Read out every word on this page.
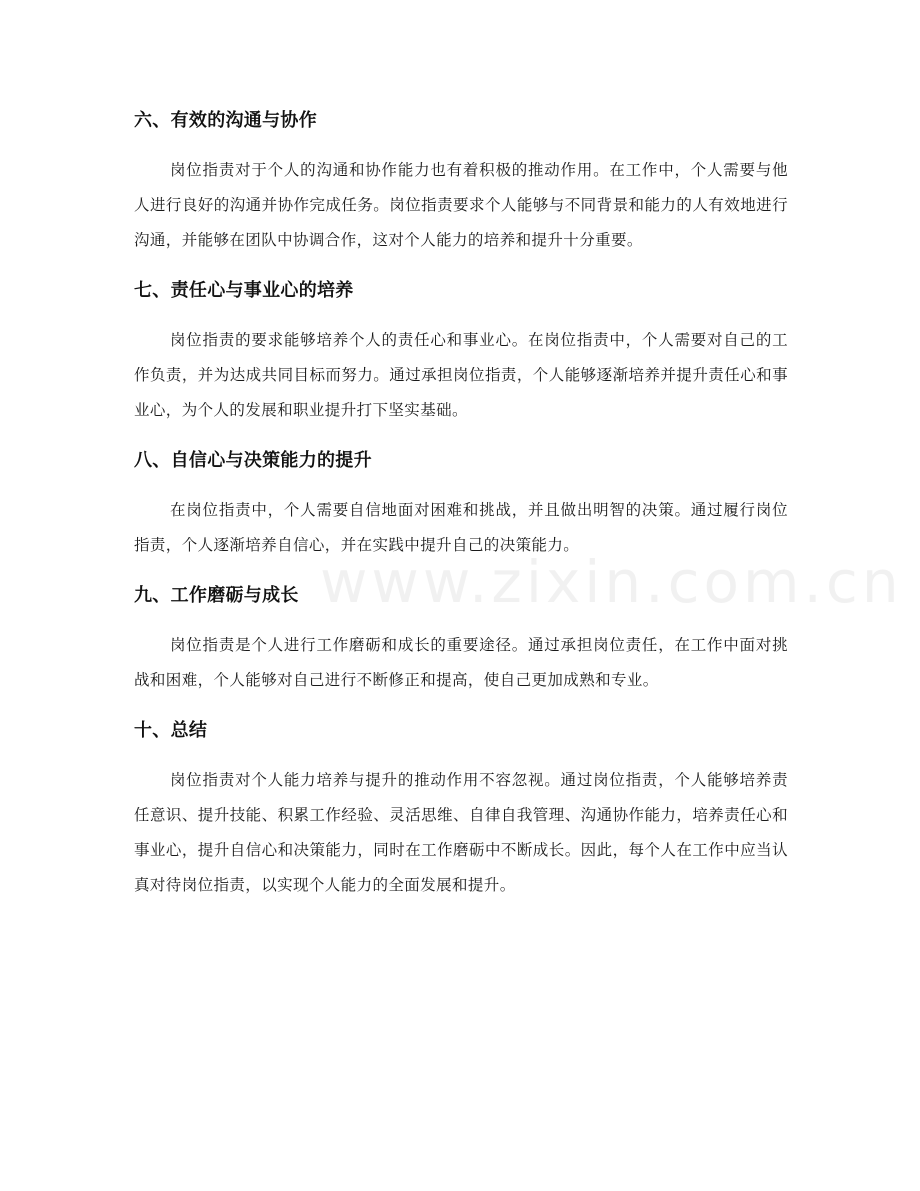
六、有效的沟通与协作

岗位指责对于个人的沟通和协作能力也有着积极的推动作用。在工作中，个人需要与他人进行良好的沟通并协作完成任务。岗位指责要求个人能够与不同背景和能力的人有效地进行沟通，并能够在团队中协调合作，这对个人能力的培养和提升十分重要。

七、责任心与事业心的培养

岗位指责的要求能够培养个人的责任心和事业心。在岗位指责中，个人需要对自己的工作负责，并为达成共同目标而努力。通过承担岗位指责，个人能够逐渐培养并提升责任心和事业心，为个人的发展和职业提升打下坚实基础。

八、自信心与决策能力的提升

在岗位指责中，个人需要自信地面对困难和挑战，并且做出明智的决策。通过履行岗位指责，个人逐渐培养自信心，并在实践中提升自己的决策能力。

九、工作磨砺与成长

岗位指责是个人进行工作磨砺和成长的重要途径。通过承担岗位责任，在工作中面对挑战和困难，个人能够对自己进行不断修正和提高，使自己更加成熟和专业。

十、总结

岗位指责对个人能力培养与提升的推动作用不容忽视。通过岗位指责，个人能够培养责任意识、提升技能、积累工作经验、灵活思维、自律自我管理、沟通协作能力，培养责任心和事业心，提升自信心和决策能力，同时在工作磨砺中不断成长。因此，每个人在工作中应当认真对待岗位指责，以实现个人能力的全面发展和提升。

www.zixin.com.cn
